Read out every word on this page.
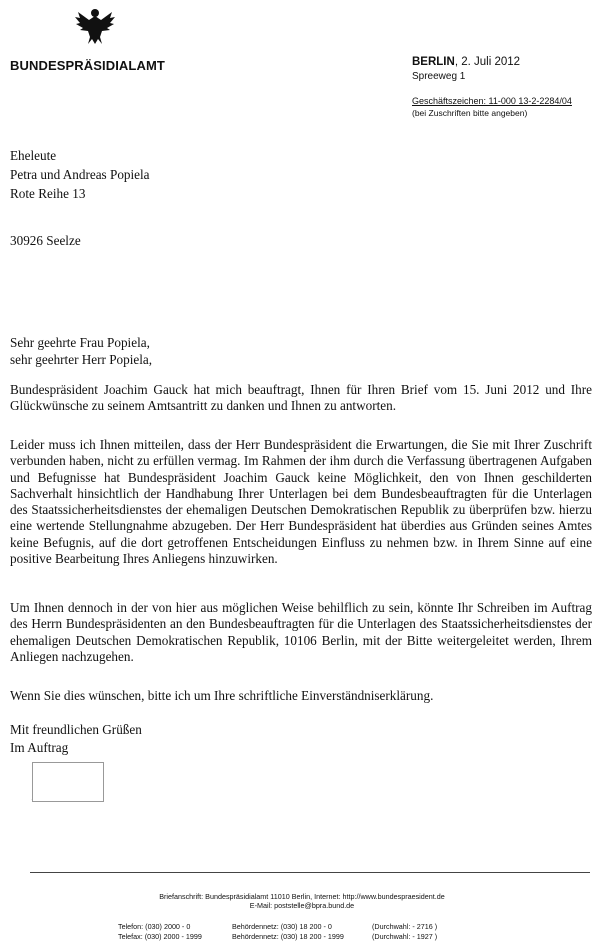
BUNDESPRÄSIDIALAMT	BERLIN, 2. Juli 2012
Spreeweg 1
Geschäftszeichen: 11-000 13-2-2284/04
(bei Zuschriften bitte angeben)
Eheleute
Petra und Andreas Popiela
Rote Reihe 13
30926 Seelze
Sehr geehrte Frau Popiela,
sehr geehrter Herr Popiela,

Bundespräsident Joachim Gauck hat mich beauftragt, Ihnen für Ihren Brief vom 15. Juni 2012 und Ihre Glückwünsche zu seinem Amtsantritt zu danken und Ihnen zu antworten.

Leider muss ich Ihnen mitteilen, dass der Herr Bundespräsident die Erwartungen, die Sie mit Ihrer Zuschrift verbunden haben, nicht zu erfüllen vermag. Im Rahmen der ihm durch die Verfassung übertragenen Aufgaben und Befugnisse hat Bundespräsident Joachim Gauck keine Möglichkeit, den von Ihnen geschilderten Sachverhalt hinsichtlich der Handhabung Ihrer Unterlagen bei dem Bundesbeauftragten für die Unterlagen des Staatssicherheitsdienstes der ehemaligen Deutschen Demokratischen Republik zu überprüfen bzw. hierzu eine wertende Stellungnahme abzugeben. Der Herr Bundespräsident hat überdies aus Gründen seines Amtes keine Befugnis, auf die dort getroffenen Entscheidungen Einfluss zu nehmen bzw. in Ihrem Sinne auf eine positive Bearbeitung Ihres Anliegens hinzuwirken.

Um Ihnen dennoch in der von hier aus möglichen Weise behilflich zu sein, könnte Ihr Schreiben im Auftrag des Herrn Bundespräsidenten an den Bundesbeauftragten für die Unterlagen des Staatssicherheitsdienstes der ehemaligen Deutschen Demokratischen Republik, 10106 Berlin, mit der Bitte weitergeleitet werden, Ihrem Anliegen nachzugehen.

Wenn Sie dies wünschen, bitte ich um Ihre schriftliche Einverständniserklärung.

Mit freundlichen Grüßen
Im Auftrag
Briefanschrift: Bundespräsidialamt 11010 Berlin, Internet: http://www.bundespraesident.de
E-Mail: poststelle@bpra.bund.de
Telefon: (030) 2000 - 0	Behördennetz: (030) 18 200 - 0	(Durchwahl: - 2716 )
Telefax: (030) 2000 - 1999	Behördennetz: (030) 18 200 - 1999	(Durchwahl: - 1927 )
